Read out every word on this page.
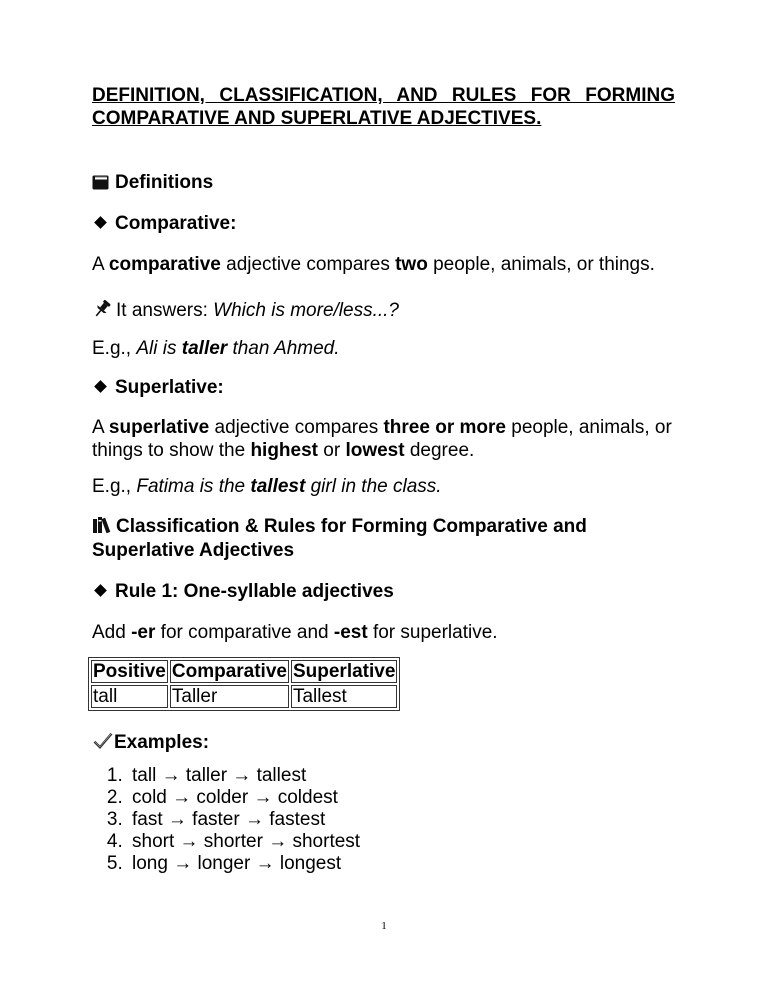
DEFINITION, CLASSIFICATION, AND RULES FOR FORMING COMPARATIVE AND SUPERLATIVE ADJECTIVES.
Definitions
Comparative:
A comparative adjective compares two people, animals, or things.
It answers: Which is more/less...?
E.g., Ali is taller than Ahmed.
Superlative:
A superlative adjective compares three or more people, animals, or things to show the highest or lowest degree.
E.g., Fatima is the tallest girl in the class.
Classification & Rules for Forming Comparative and Superlative Adjectives
Rule 1: One-syllable adjectives
Add -er for comparative and -est for superlative.
Positive	Comparative	Superlative
tall	Taller	Tallest
Examples:
1. tall → taller → tallest
2. cold → colder → coldest
3. fast → faster → fastest
4. short → shorter → shortest
5. long → longer → longest
1
